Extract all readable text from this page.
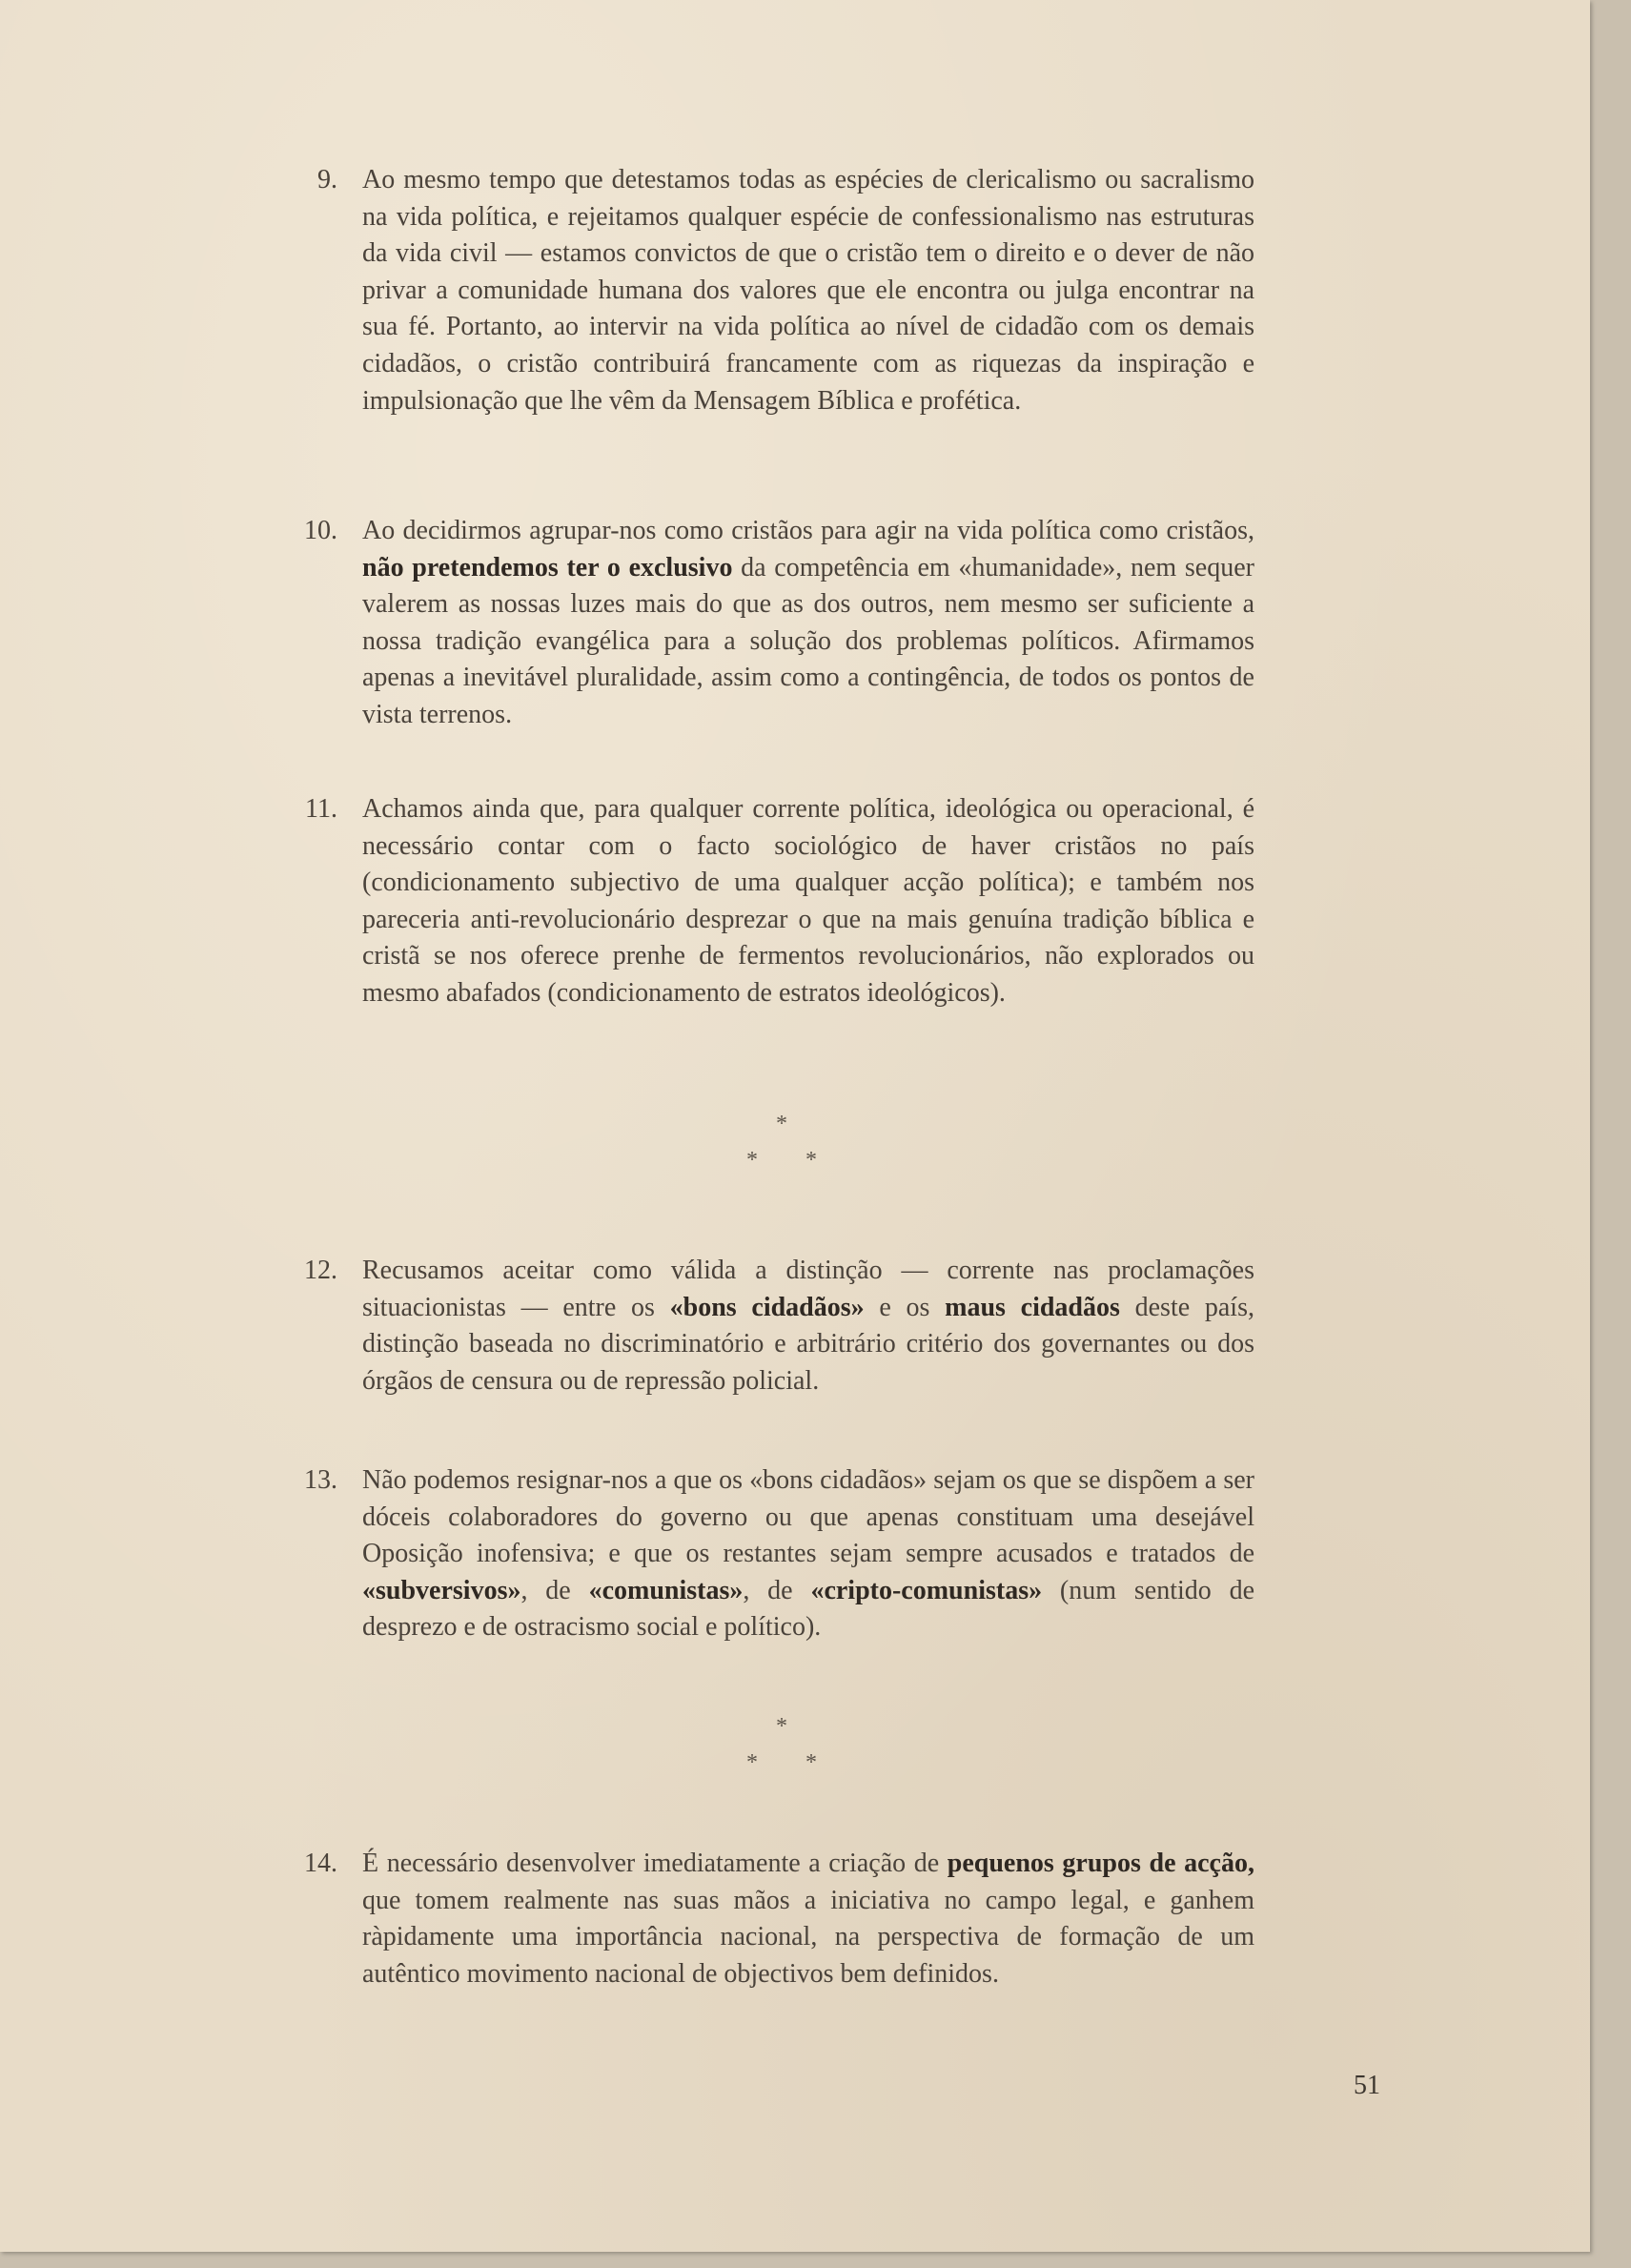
9. Ao mesmo tempo que detestamos todas as espécies de clericalismo ou sacralismo na vida política, e rejeitamos qualquer espécie de confessionalismo nas estruturas da vida civil — estamos convictos de que o cristão tem o direito e o dever de não privar a comunidade humana dos valores que ele encontra ou julga encontrar na sua fé. Portanto, ao intervir na vida política ao nível de cidadão com os demais cidadãos, o cristão contribuirá francamente com as riquezas da inspiração e impulsionação que lhe vêm da Mensagem Bíblica e profética.
10. Ao decidirmos agrupar-nos como cristãos para agir na vida política como cristãos, não pretendemos ter o exclusivo da competência em «humanidade», nem sequer valerem as nossas luzes mais do que as dos outros, nem mesmo ser suficiente a nossa tradição evangélica para a solução dos problemas políticos. Afirmamos apenas a inevitável pluralidade, assim como a contingência, de todos os pontos de vista terrenos.
11. Achamos ainda que, para qualquer corrente política, ideológica ou operacional, é necessário contar com o facto sociológico de haver cristãos no país (condicionamento subjectivo de uma qualquer acção política); e também nos pareceria anti-revolucionário desprezar o que na mais genuína tradição bíblica e cristã se nos oferece prenhe de fermentos revolucionários, não explorados ou mesmo abafados (condicionamento de estratos ideológicos).
*
* *
12. Recusamos aceitar como válida a distinção — corrente nas proclamações situacionistas — entre os «bons cidadãos» e os maus cidadãos deste país, distinção baseada no discriminatório e arbitrário critério dos governantes ou dos órgãos de censura ou de repressão policial.
13. Não podemos resignar-nos a que os «bons cidadãos» sejam os que se dispõem a ser dóceis colaboradores do governo ou que apenas constituam uma desejável Oposição inofensiva; e que os restantes sejam sempre acusados e tratados de «subversivos», de «comunistas», de «cripto-comunistas» (num sentido de desprezo e de ostracismo social e político).
*
* *
14. É necessário desenvolver imediatamente a criação de pequenos grupos de acção, que tomem realmente nas suas mãos a iniciativa no campo legal, e ganhem ràpidamente uma importância nacional, na perspectiva de formação de um autêntico movimento nacional de objectivos bem definidos.
51
